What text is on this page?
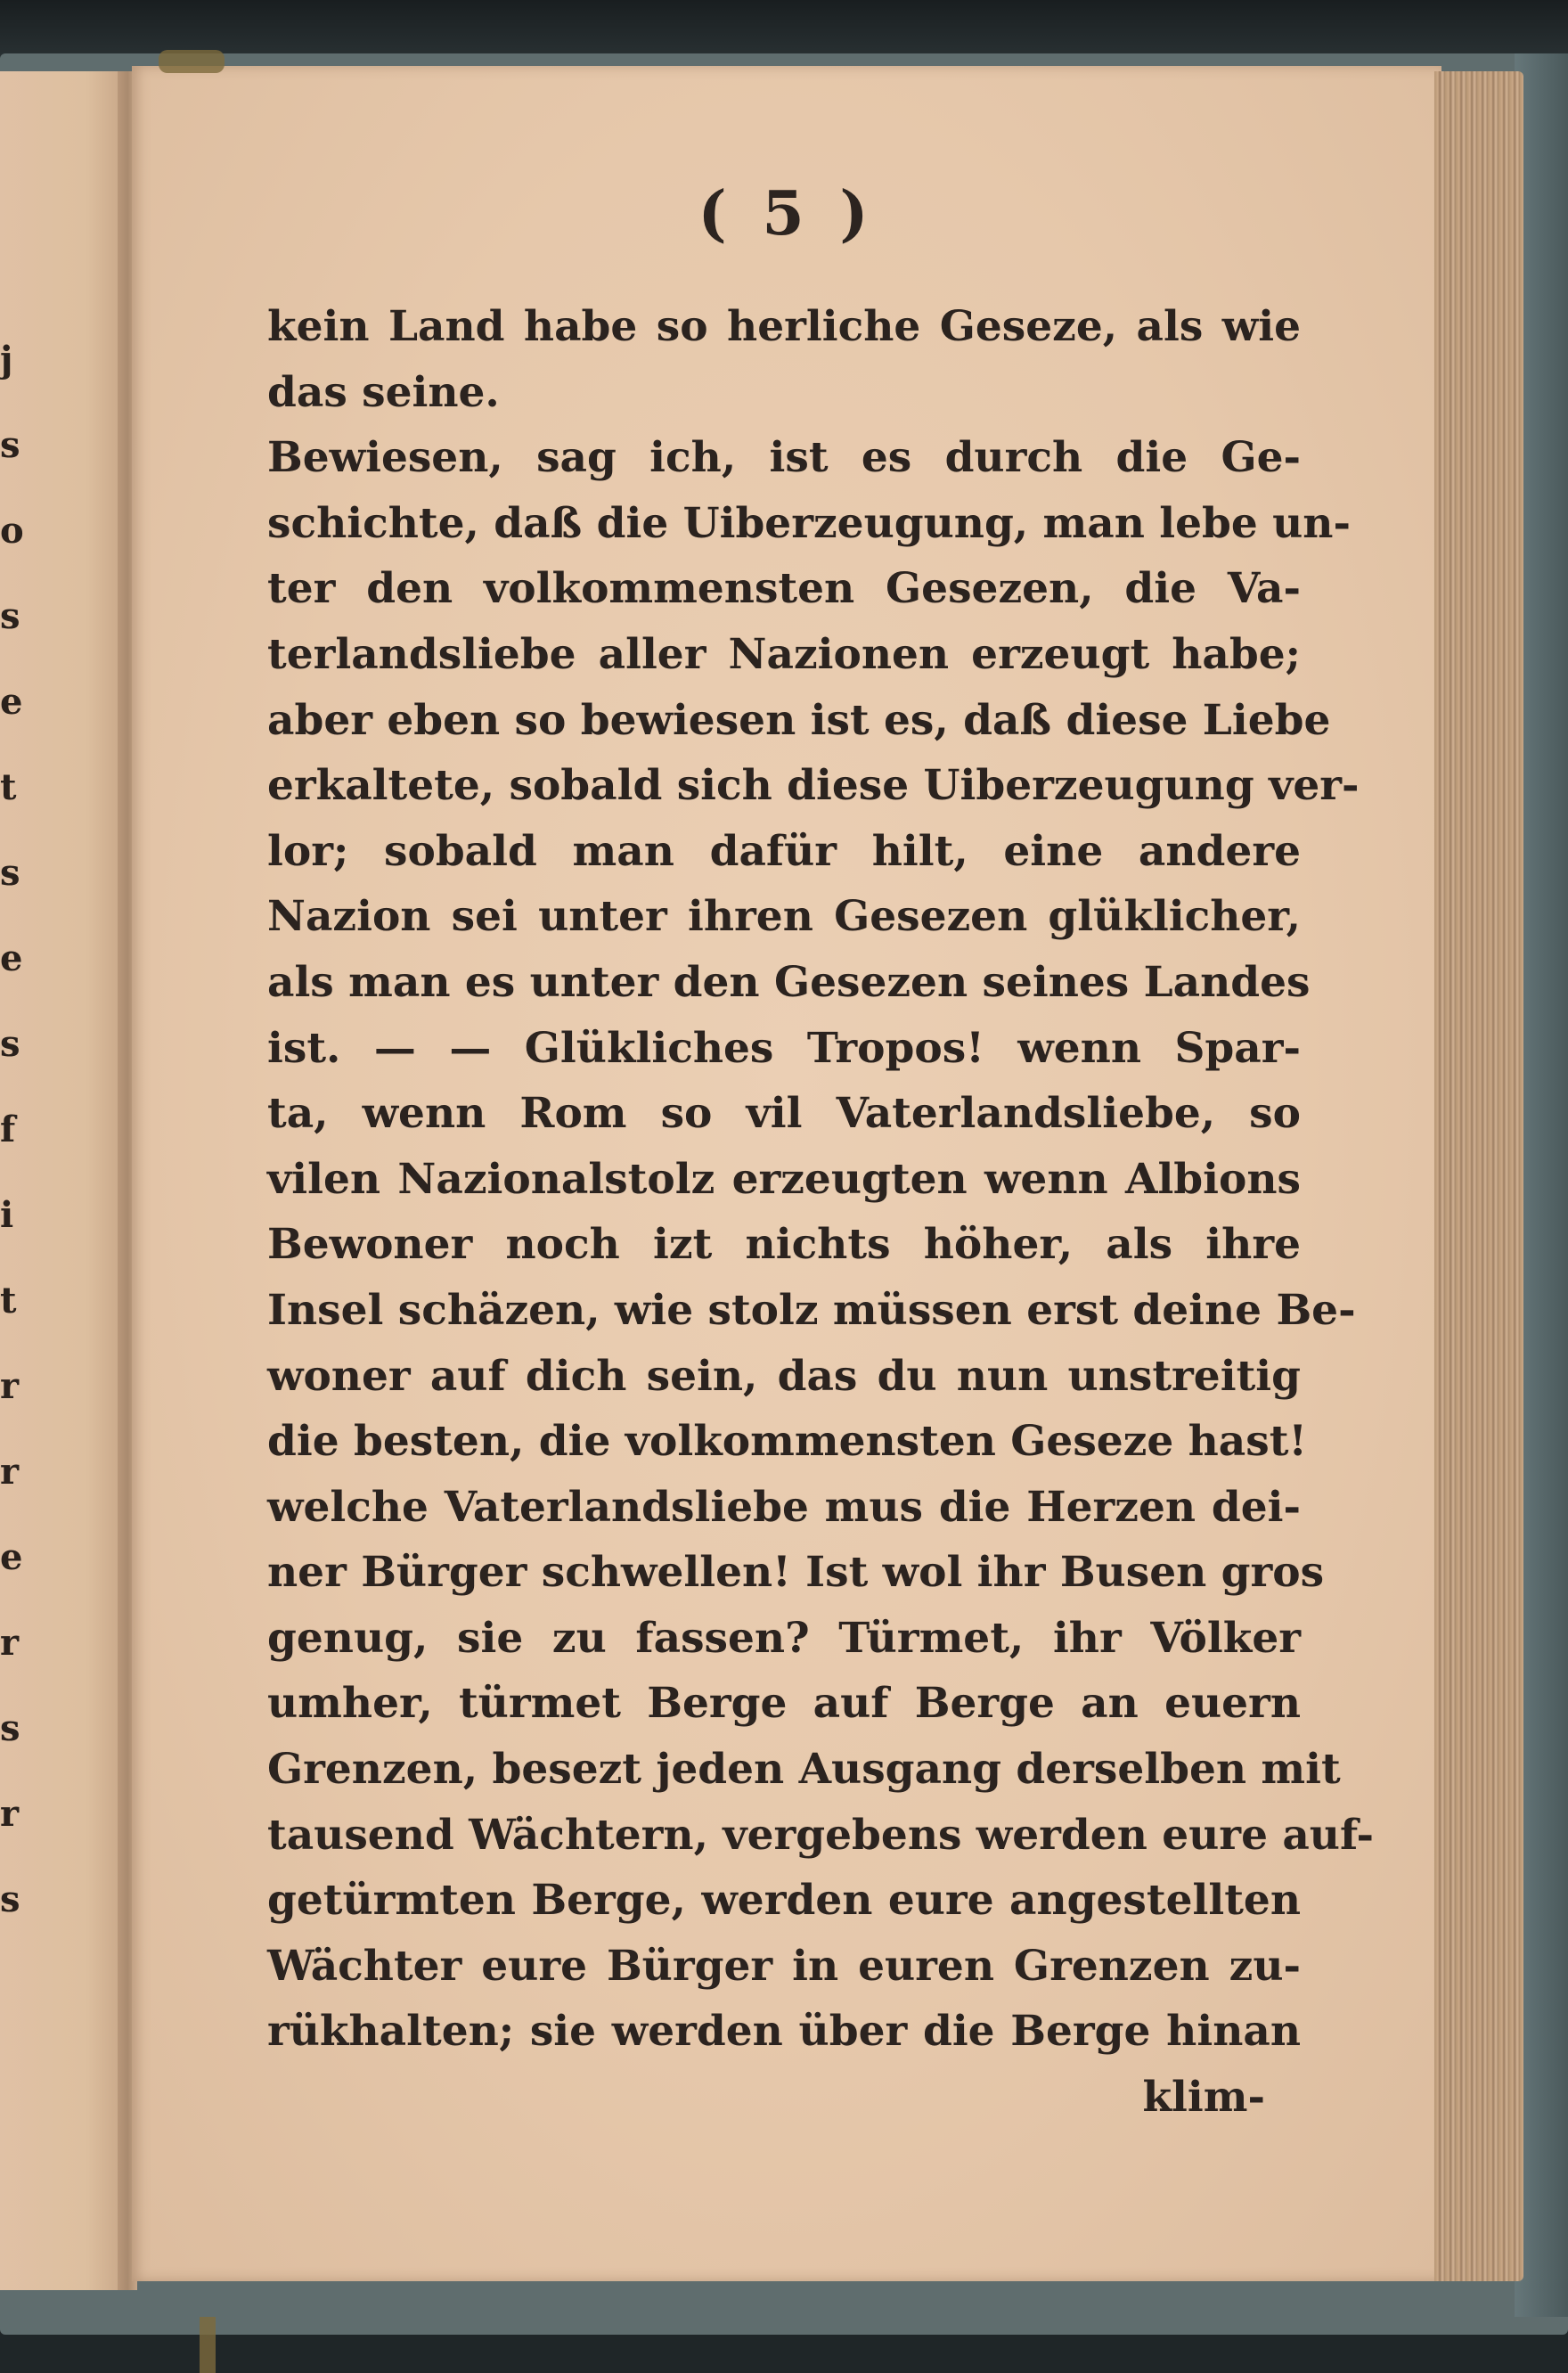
j
s
o
s
e
t
s
e
s
f
i
t
r
r
e
r
s
r
s
( 5 )
kein Land habe so herliche Geseze, als wie
das seine.
Bewiesen, sag ich, ist es durch die Ge-
schichte, daß die Uiberzeugung, man lebe un-
ter den volkommensten Gesezen, die Va-
terlandsliebe aller Nazionen erzeugt habe;
aber eben so bewiesen ist es, daß diese Liebe
erkaltete, sobald sich diese Uiberzeugung ver-
lor; sobald man dafür hilt, eine andere
Nazion sei unter ihren Gesezen glüklicher,
als man es unter den Gesezen seines Landes
ist. — — Glükliches Tropos! wenn Spar-
ta, wenn Rom so vil Vaterlandsliebe, so
vilen Nazionalstolz erzeugten wenn Albions
Bewoner noch izt nichts höher, als ihre
Insel schäzen, wie stolz müssen erst deine Be-
woner auf dich sein, das du nun unstreitig
die besten, die volkommensten Geseze hast!
welche Vaterlandsliebe mus die Herzen dei-
ner Bürger schwellen! Ist wol ihr Busen gros
genug, sie zu fassen? Türmet, ihr Völker
umher, türmet Berge auf Berge an euern
Grenzen, besezt jeden Ausgang derselben mit
tausend Wächtern, vergebens werden eure auf-
getürmten Berge, werden eure angestellten
Wächter eure Bürger in euren Grenzen zu-
rükhalten; sie werden über die Berge hinan
klim-
